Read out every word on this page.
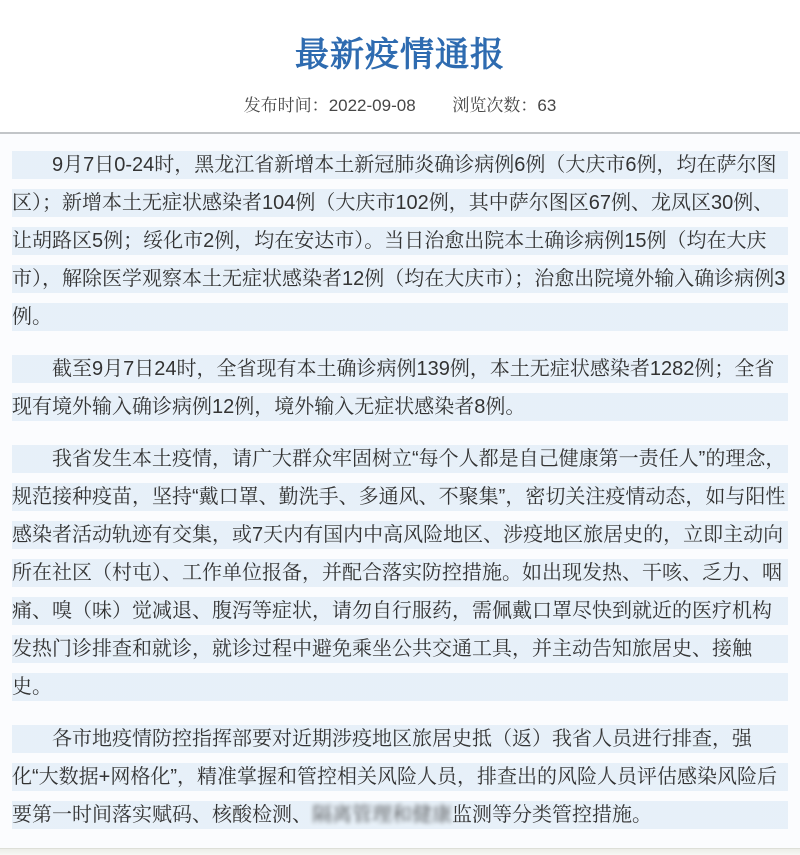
最新疫情通报
发布时间：2022-09-08 浏览次数：63

9月7日0-24时，黑龙江省新增本土新冠肺炎确诊病例6例（大庆市6例，均在萨尔图区）；新增本土无症状感染者104例（大庆市102例，其中萨尔图区67例、龙凤区30例、让胡路区5例；绥化市2例，均在安达市）。当日治愈出院本土确诊病例15例（均在大庆市），解除医学观察本土无症状感染者12例（均在大庆市）；治愈出院境外输入确诊病例3例。

截至9月7日24时，全省现有本土确诊病例139例，本土无症状感染者1282例；全省现有境外输入确诊病例12例，境外输入无症状感染者8例。

我省发生本土疫情，请广大群众牢固树立“每个人都是自己健康第一责任人”的理念，规范接种疫苗，坚持“戴口罩、勤洗手、多通风、不聚集”，密切关注疫情动态，如与阳性感染者活动轨迹有交集，或7天内有国内中高风险地区、涉疫地区旅居史的，立即主动向所在社区（村屯）、工作单位报备，并配合落实防控措施。如出现发热、干咳、乏力、咽痛、嗅（味）觉减退、腹泻等症状，请勿自行服药，需佩戴口罩尽快到就近的医疗机构发热门诊排查和就诊，就诊过程中避免乘坐公共交通工具，并主动告知旅居史、接触史。

各市地疫情防控指挥部要对近期涉疫地区旅居史抵（返）我省人员进行排查，强化“大数据+网格化”，精准掌握和管控相关风险人员，排查出的风险人员评估感染风险后要第一时间落实赋码、核酸检测、隔离管理和健康监测等分类管控措施。
